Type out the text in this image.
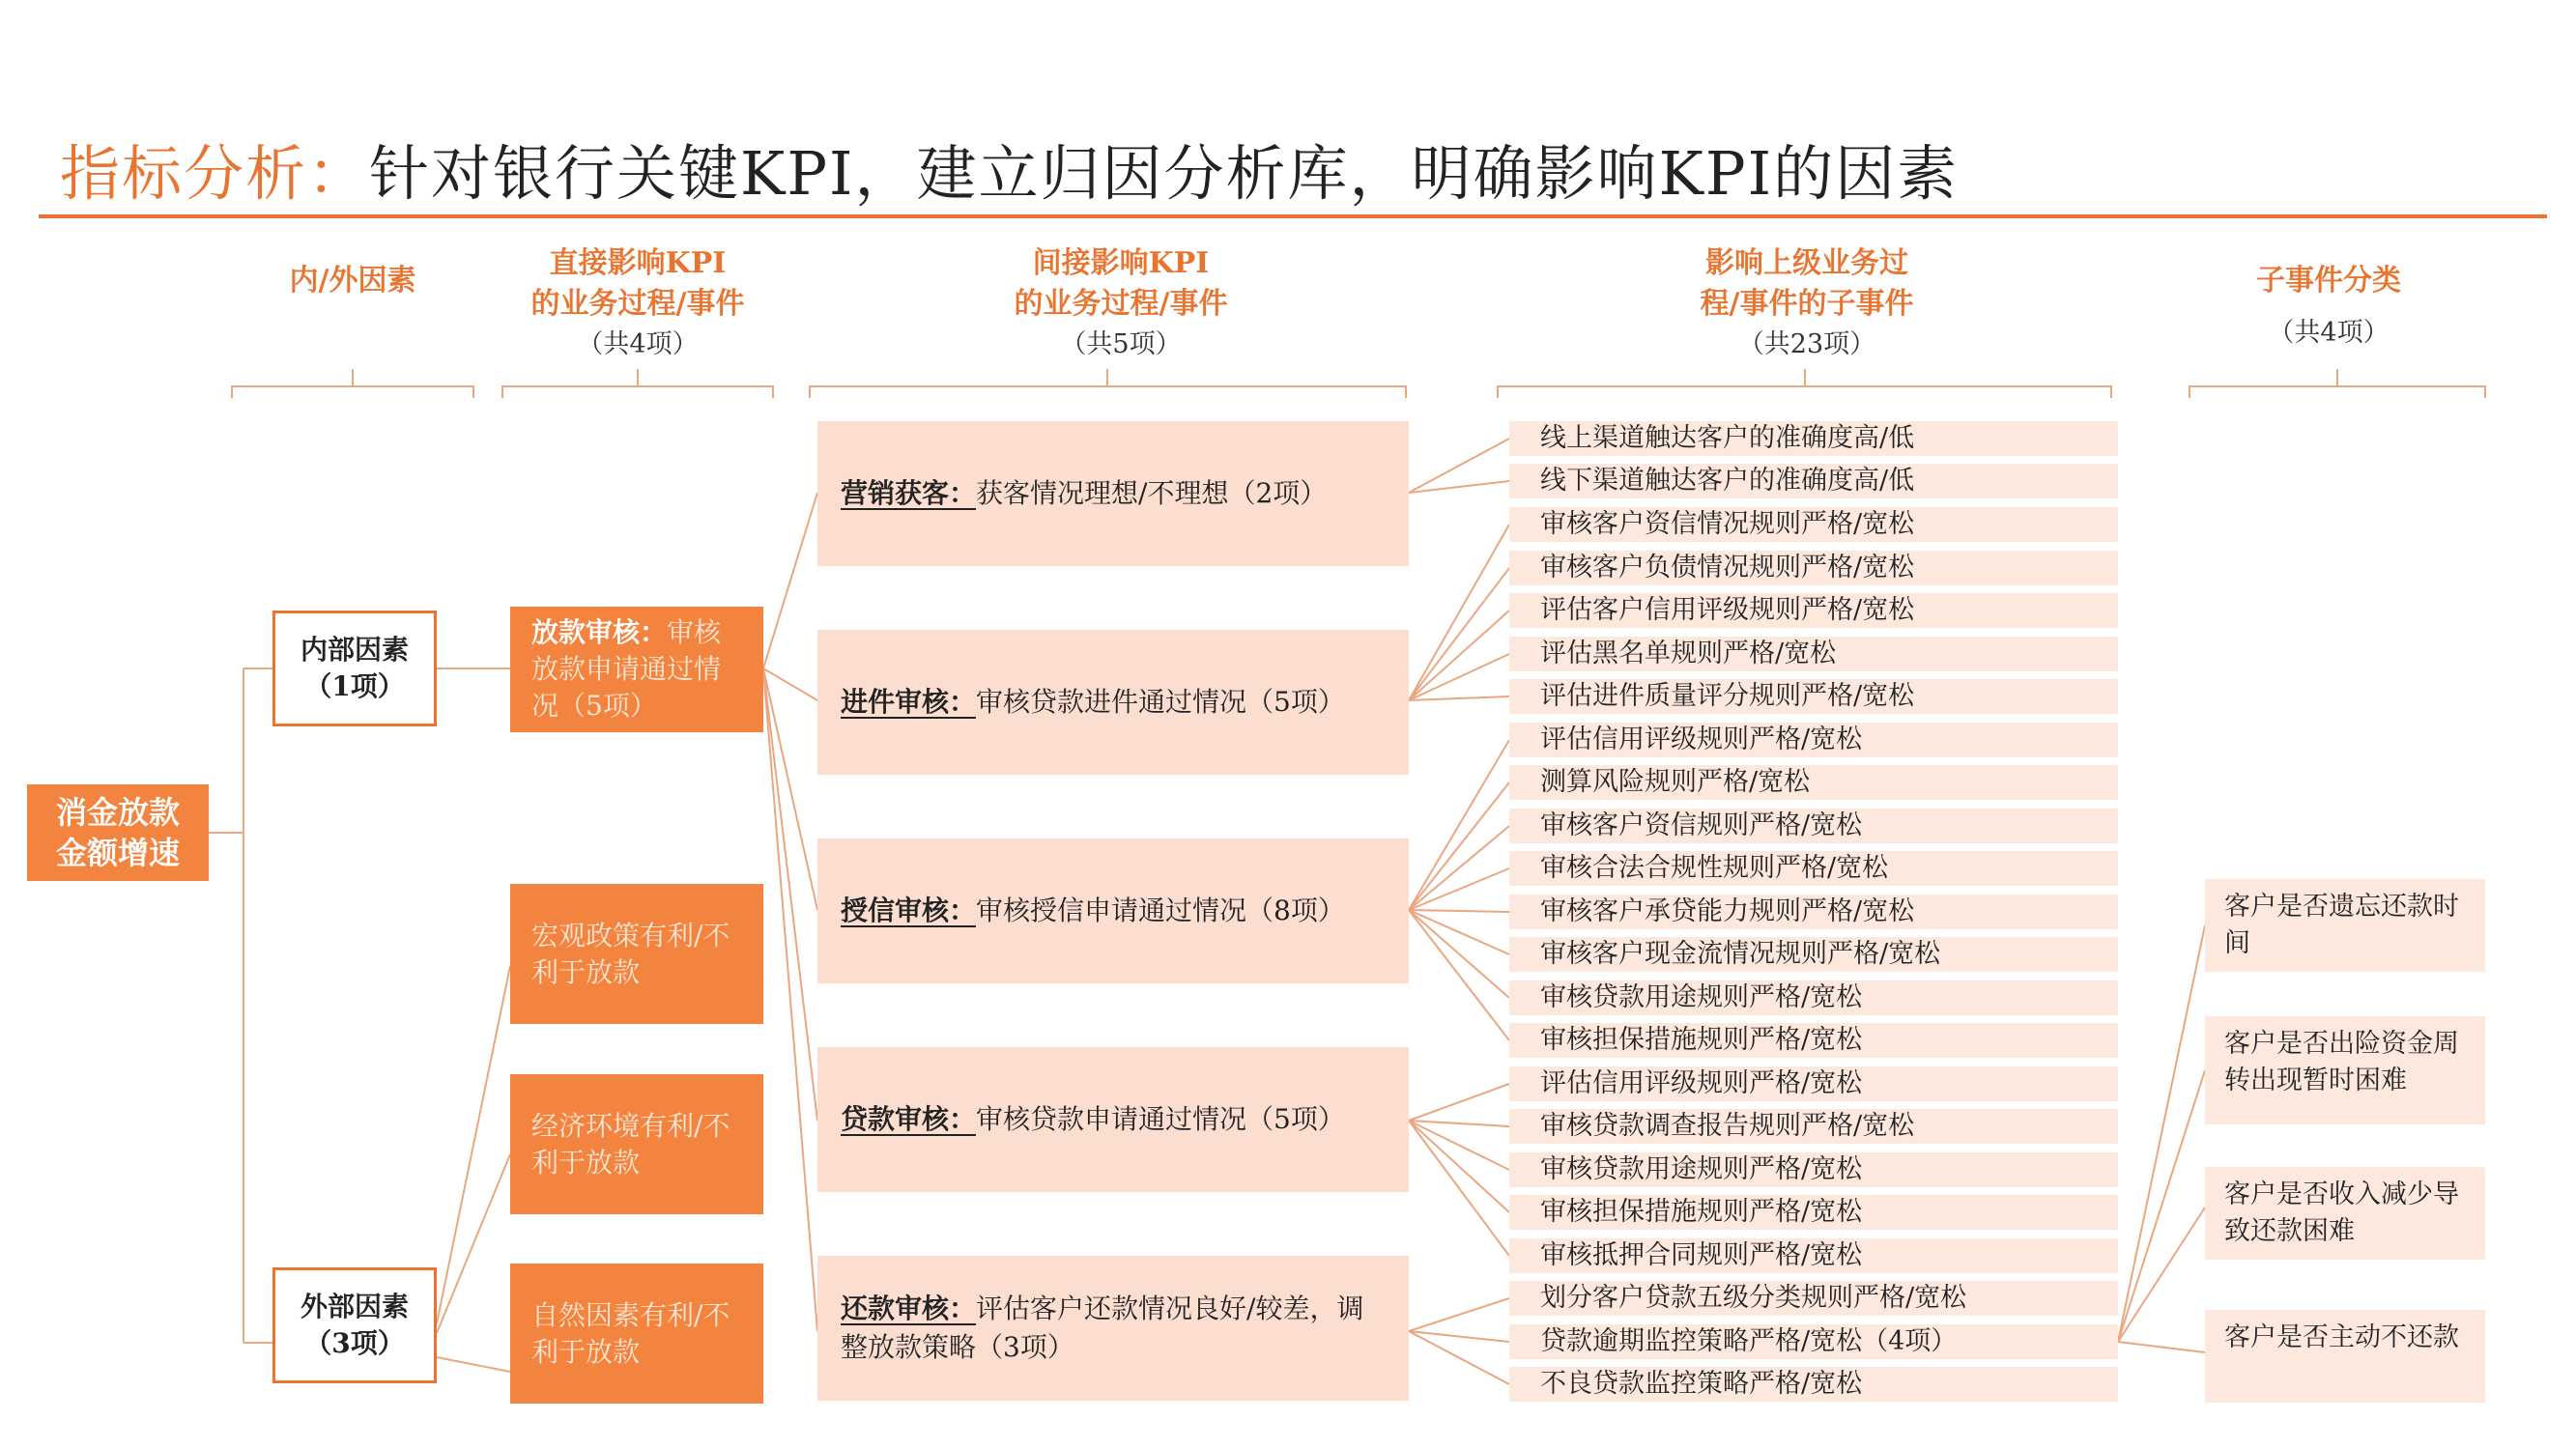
指标分析：针对银行关键KPI，建立归因分析库，明确影响KPI的因素
内/外因素
直接影响KPI
的业务过程/事件
（共4项）
间接影响KPI
的业务过程/事件
（共5项）
影响上级业务过
程/事件的子事件
（共23项）
子事件分类
（共4项）
消金放款
金额增速
内部因素
（1项）
外部因素
（3项）
放款审核：审核放款申请通过情况（5项）
宏观政策有利/不利于放款
经济环境有利/不利于放款
自然因素有利/不利于放款
营销获客：获客情况理想/不理想（2项）
进件审核：审核贷款进件通过情况（5项）
授信审核：审核授信申请通过情况（8项）
贷款审核：审核贷款申请通过情况（5项）
还款审核：评估客户还款情况良好/较差，调整放款策略（3项）
线上渠道触达客户的准确度高/低
线下渠道触达客户的准确度高/低
审核客户资信情况规则严格/宽松
审核客户负债情况规则严格/宽松
评估客户信用评级规则严格/宽松
评估黑名单规则严格/宽松
评估进件质量评分规则严格/宽松
评估信用评级规则严格/宽松
测算风险规则严格/宽松
审核客户资信规则严格/宽松
审核合法合规性规则严格/宽松
审核客户承贷能力规则严格/宽松
审核客户现金流情况规则严格/宽松
审核贷款用途规则严格/宽松
审核担保措施规则严格/宽松
评估信用评级规则严格/宽松
审核贷款调查报告规则严格/宽松
审核贷款用途规则严格/宽松
审核担保措施规则严格/宽松
审核抵押合同规则严格/宽松
划分客户贷款五级分类规则严格/宽松
贷款逾期监控策略严格/宽松（4项）
不良贷款监控策略严格/宽松
客户是否遗忘还款时间
客户是否出险资金周转出现暂时困难
客户是否收入减少导致还款困难
客户是否主动不还款
